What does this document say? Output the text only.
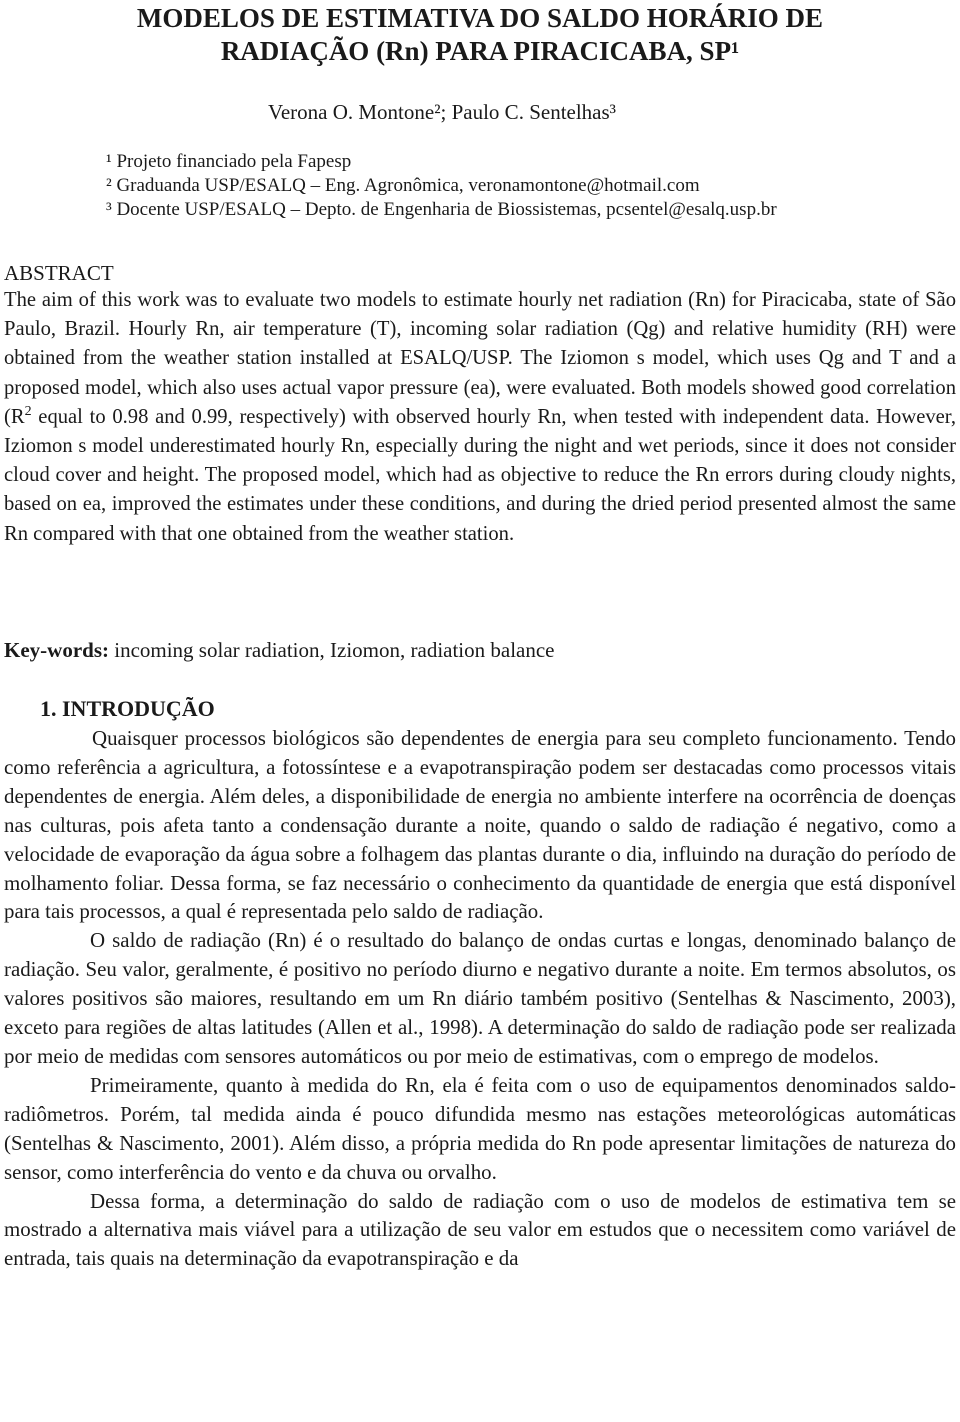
MODELOS DE ESTIMATIVA DO SALDO HORÁRIO DE
RADIAÇÃO (Rn) PARA PIRACICABA, SP¹
Verona O. Montone²; Paulo C. Sentelhas³
¹ Projeto financiado pela Fapesp
² Graduanda USP/ESALQ – Eng. Agronômica, veronamontone@hotmail.com
³ Docente USP/ESALQ – Depto. de Engenharia de Biossistemas, pcsentel@esalq.usp.br
ABSTRACT

The aim of this work was to evaluate two models to estimate hourly net radiation (Rn) for Piracicaba, state of São Paulo, Brazil. Hourly Rn, air temperature (T), incoming solar radiation (Qg) and relative humidity (RH) were obtained from the weather station installed at ESALQ/USP. The Iziomon s model, which uses Qg and T and a proposed model, which also uses actual vapor pressure (ea), were evaluated. Both models showed good correlation ($R^2$ equal to 0.98 and 0.99, respectively) with observed hourly Rn, when tested with independent data. However, Iziomon s model underestimated hourly Rn, especially during the night and wet periods, since it does not consider cloud cover and height. The proposed model, which had as objective to reduce the Rn errors during cloudy nights, based on ea, improved the estimates under these conditions, and during the dried period presented almost the same Rn compared with that one obtained from the weather station.

Key-words: incoming solar radiation, Iziomon, radiation balance
1. INTRODUÇÃO

Quaisquer processos biológicos são dependentes de energia para seu completo funcionamento. Tendo como referência a agricultura, a fotossíntese e a evapotranspiração podem ser destacadas como processos vitais dependentes de energia. Além deles, a disponibilidade de energia no ambiente interfere na ocorrência de doenças nas culturas, pois afeta tanto a condensação durante a noite, quando o saldo de radiação é negativo, como a velocidade de evaporação da água sobre a folhagem das plantas durante o dia, influindo na duração do período de molhamento foliar. Dessa forma, se faz necessário o conhecimento da quantidade de energia que está disponível para tais processos, a qual é representada pelo saldo de radiação.

O saldo de radiação (Rn) é o resultado do balanço de ondas curtas e longas, denominado balanço de radiação. Seu valor, geralmente, é positivo no período diurno e negativo durante a noite. Em termos absolutos, os valores positivos são maiores, resultando em um Rn diário também positivo (Sentelhas & Nascimento, 2003), exceto para regiões de altas latitudes (Allen et al., 1998). A determinação do saldo de radiação pode ser realizada por meio de medidas com sensores automáticos ou por meio de estimativas, com o emprego de modelos.

Primeiramente, quanto à medida do Rn, ela é feita com o uso de equipamentos denominados saldo-radiômetros. Porém, tal medida ainda é pouco difundida mesmo nas estações meteorológicas automáticas (Sentelhas & Nascimento, 2001). Além disso, a própria medida do Rn pode apresentar limitações de natureza do sensor, como interferência do vento e da chuva ou orvalho.

Dessa forma, a determinação do saldo de radiação com o uso de modelos de estimativa tem se mostrado a alternativa mais viável para a utilização de seu valor em estudos que o necessitem como variável de entrada, tais quais na determinação da evapotranspiração e da
